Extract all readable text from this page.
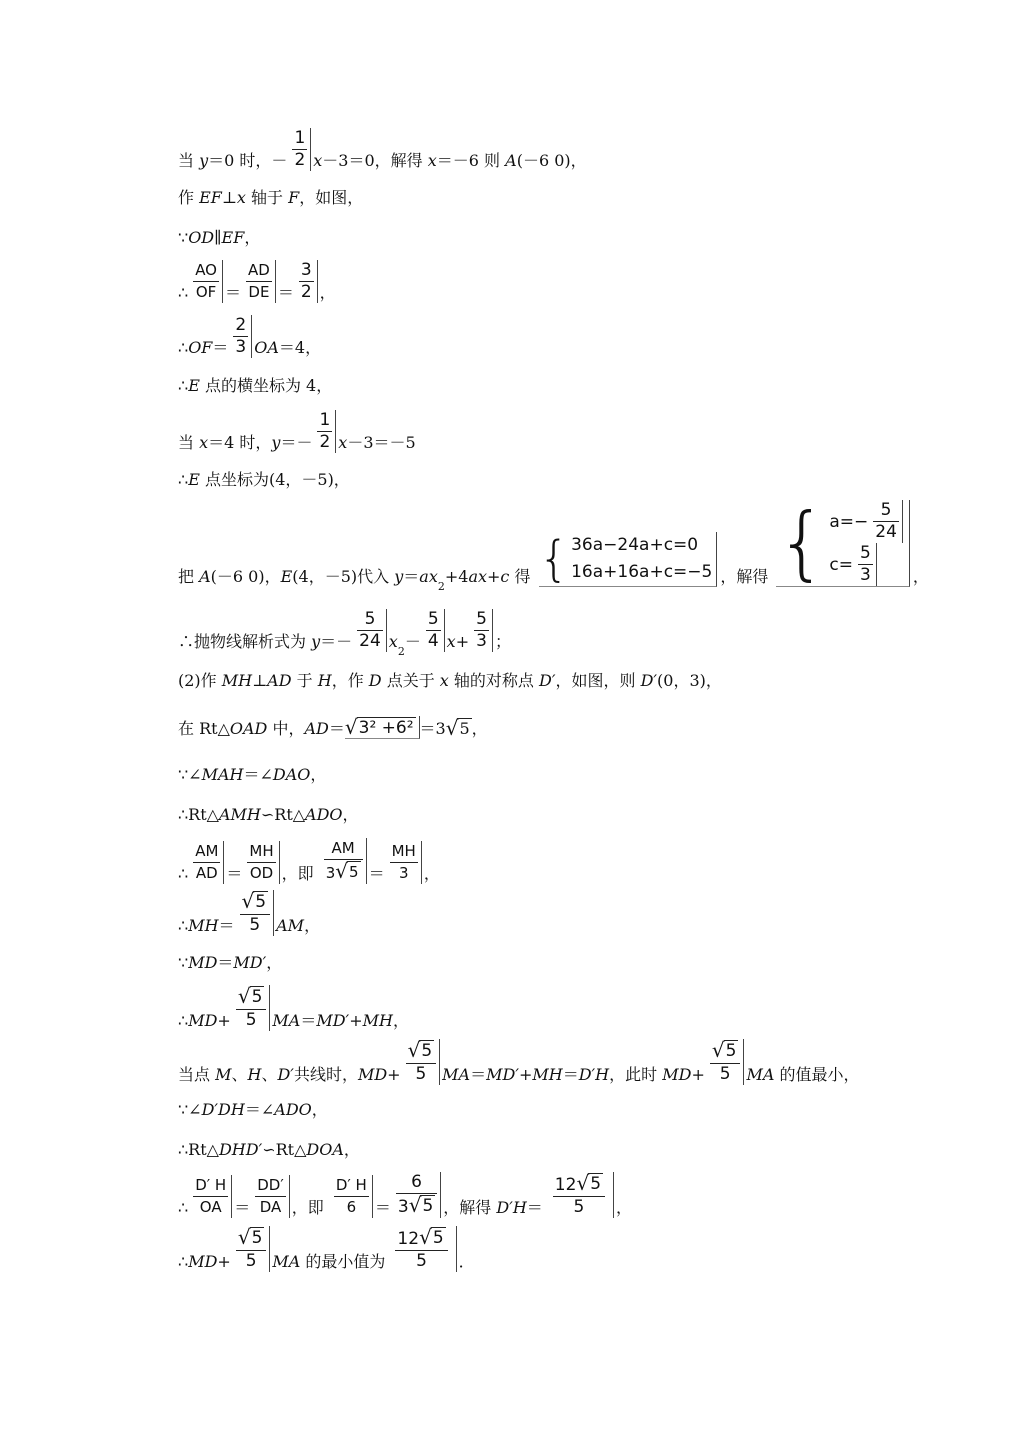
当 y ＝0 时， － $\frac{1}{2}$ x －3＝0，解得 x ＝－6 则 A (－6 0)，
作 EF ⊥ x 轴于 F ，如图，
∵ OD ∥ EF ，
∴ $\frac{AO}{OF} = \frac{AD}{DE} = \frac{3}{2}$ ，
∴ OF ＝ $\frac{2}{3}$ OA ＝4，
∴ E 点的横坐标为 4，
当 x ＝4 时， $y =- \frac{1}{2}$ x －3＝－5
∴ E 点坐标为(4，－5)，
把 A (－6 0)， E (4，－5)代入 y ＝ ax
2
+4 ax + c 得 { 36a−24a+c=0
16a+16a+c=−5 ，解得 { $a=- \frac{5}{24}$
$c= \frac{5}{3}$ ，
∴抛物线解析式为 $y =- \frac{5}{24}$ x
2
－ $\frac{5}{4}$ $x + \frac{5}{3}$ ；
(2)作 MH ⊥ AD 于 H ，作 D 点关于 x 轴的对称点 D′ ，如图，则 D′ (0，3)，
在 Rt△ OAD 中， AD ＝ √ 3² +6² ＝3 √ 5 ，
∵∠ MAH ＝∠ DAO ，
∴Rt△ AMH ∽Rt△ ADO ，
∴ $\frac{AM}{AD} = \frac{MH}{OD}$ ，即 $\frac{AM}{3 √ 5} = \frac{MH}{3}$ ，
∴ MH ＝ $\frac{√ 5}{5}$ AM ，
∵ MD ＝ MD′ ，
∴ MD + $\frac{√ 5}{5}$ MA ＝ MD′ + MH ，
当点 M 、 H 、 D′ 共线时， MD + $\frac{√ 5}{5}$ MA ＝ MD′ + MH ＝ D′H ，此时 MD + $\frac{√ 5}{5}$ MA 的值最小，
∵∠ D′DH ＝∠ ADO ，
∴Rt△ DHD′ ∽Rt△ DOA ，
∴ $\frac{D' H}{OA} = \frac{DD'}{DA}$ ，即 $\frac{D' H}{6} = \frac{6}{3 √ 5}$ ，解得 $D'H = \frac{12 √ 5}{5}$ ，
∴ MD + $\frac{√ 5}{5}$ MA 的最小值为 $\frac{12 √ 5}{5}$ ．
